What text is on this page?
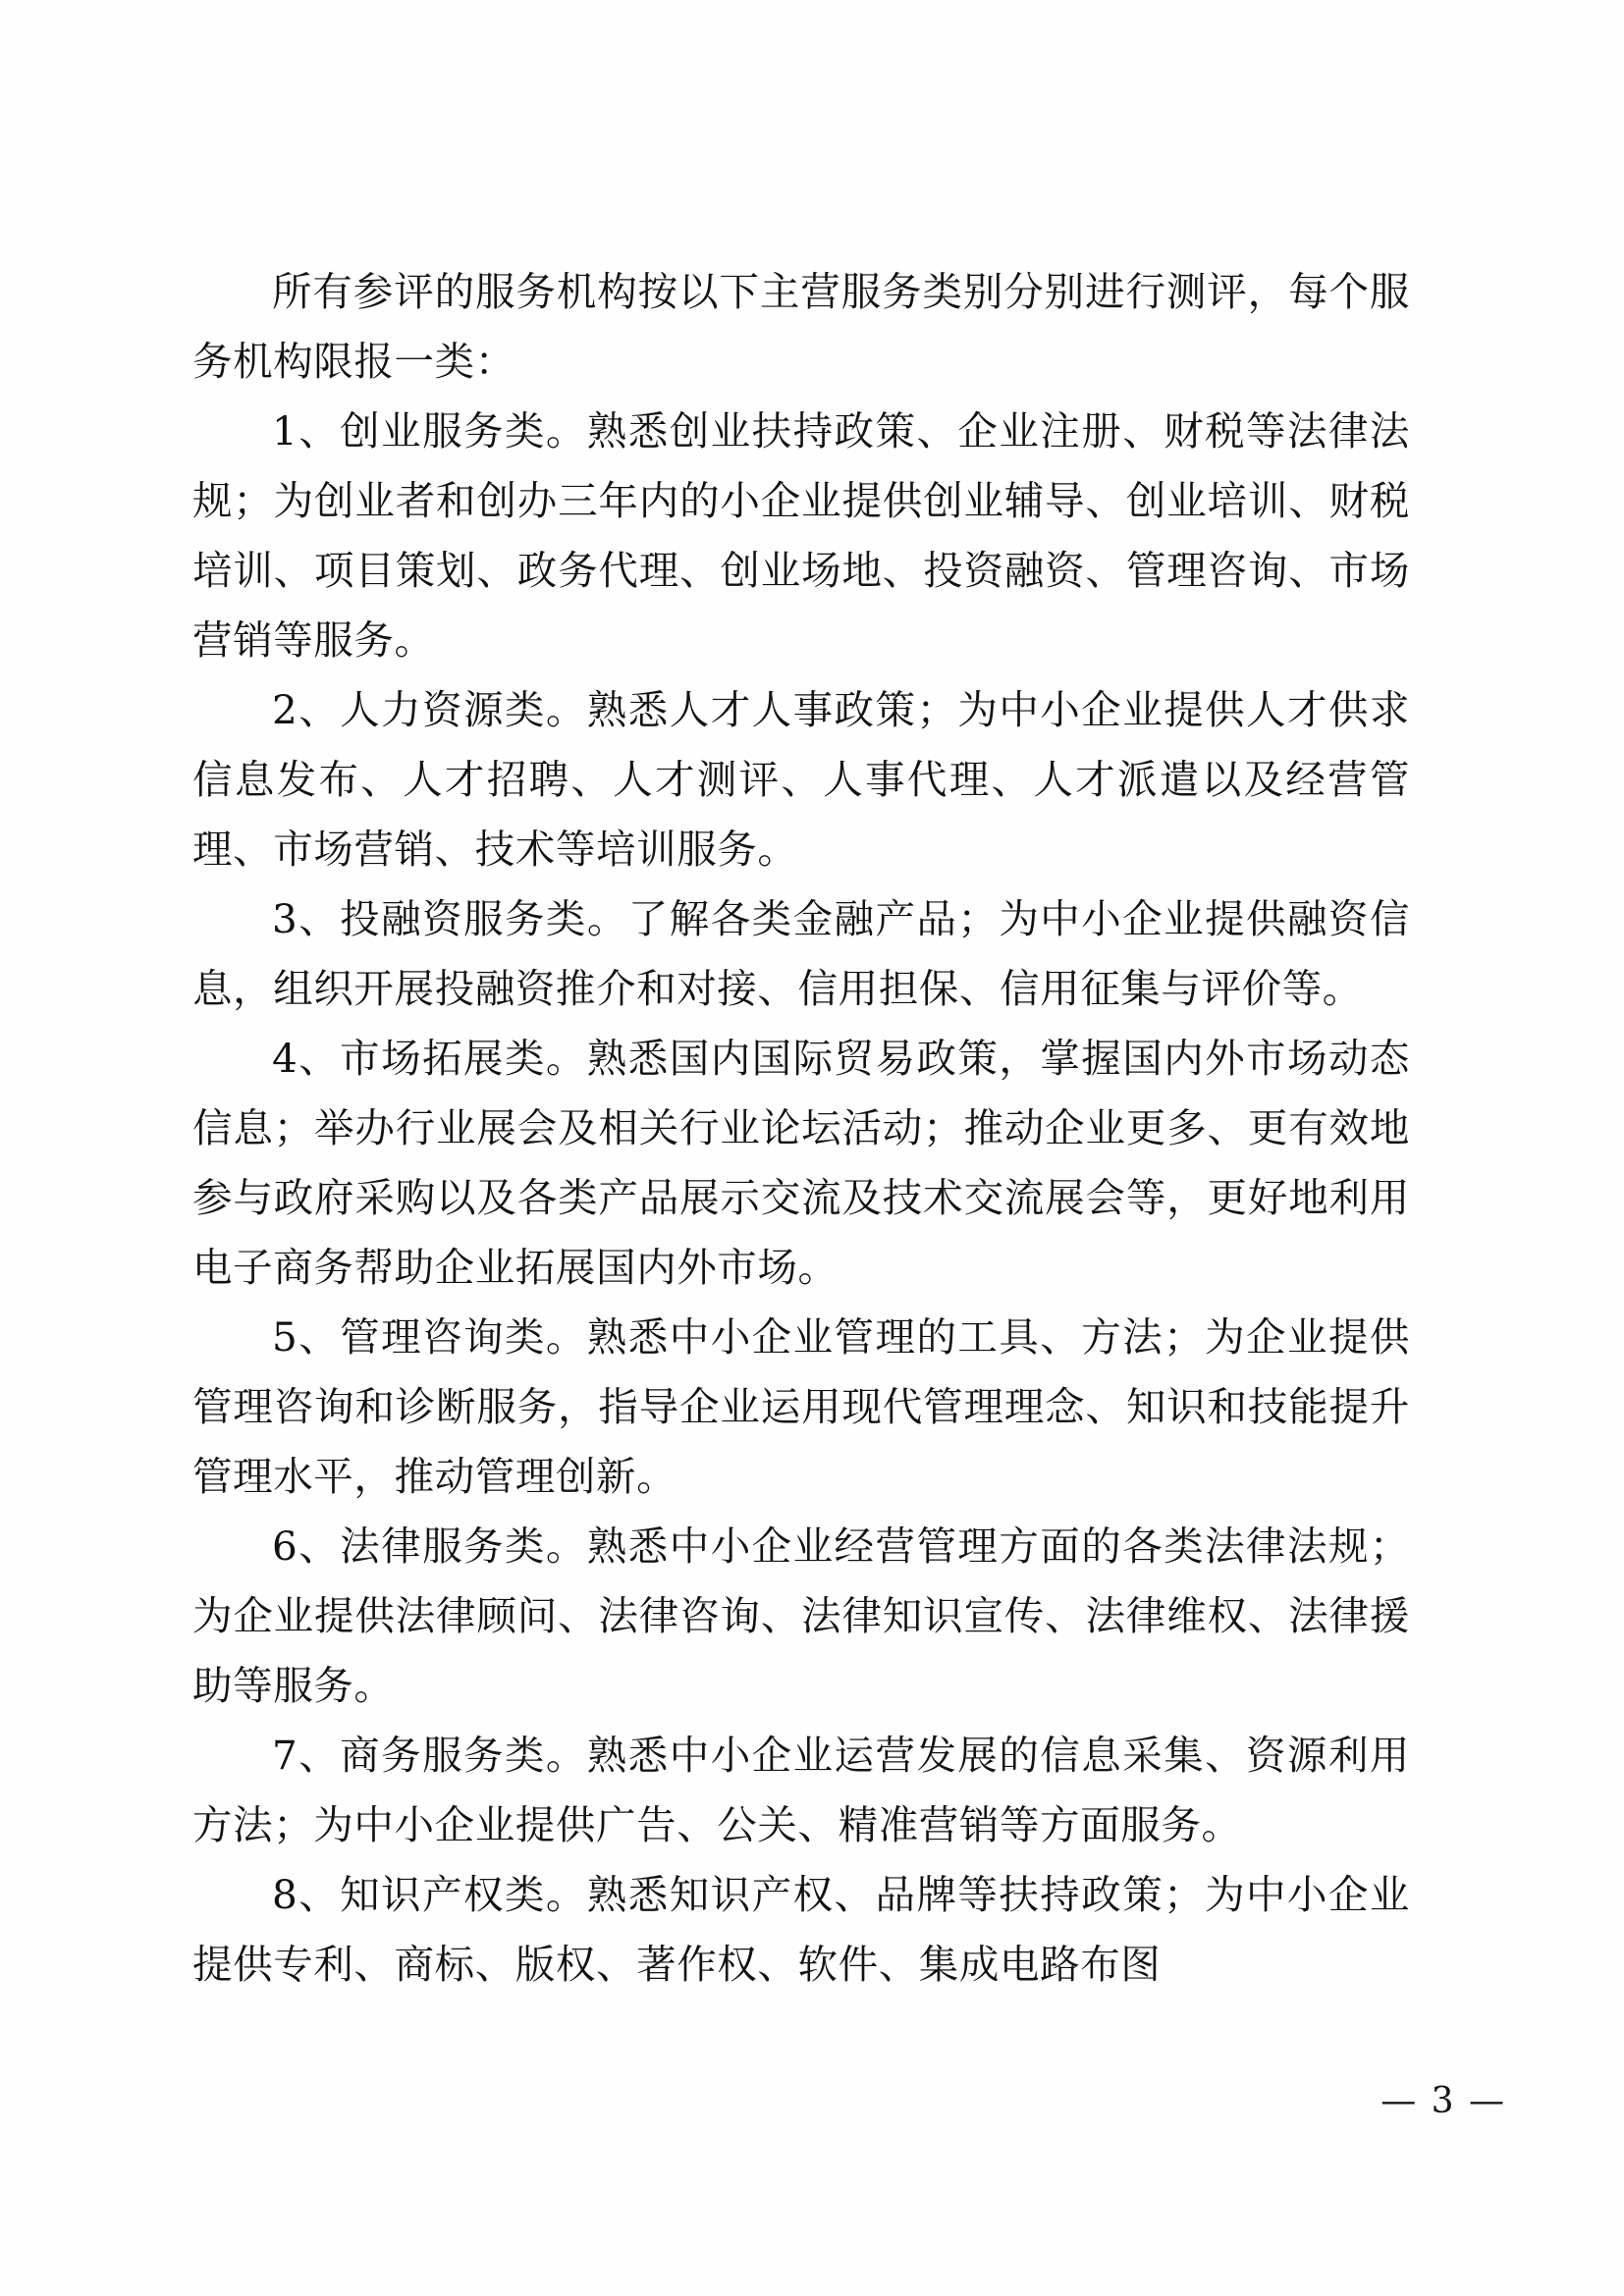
所有参评的服务机构按以下主营服务类别分别进行测评，每个服务机构限报一类：

1、创业服务类。熟悉创业扶持政策、企业注册、财税等法律法规；为创业者和创办三年内的小企业提供创业辅导、创业培训、财税培训、项目策划、政务代理、创业场地、投资融资、管理咨询、市场营销等服务。

2、人力资源类。熟悉人才人事政策；为中小企业提供人才供求信息发布、人才招聘、人才测评、人事代理、人才派遣以及经营管理、市场营销、技术等培训服务。

3、投融资服务类。了解各类金融产品；为中小企业提供融资信息，组织开展投融资推介和对接、信用担保、信用征集与评价等。

4、市场拓展类。熟悉国内国际贸易政策，掌握国内外市场动态信息；举办行业展会及相关行业论坛活动；推动企业更多、更有效地参与政府采购以及各类产品展示交流及技术交流展会等，更好地利用电子商务帮助企业拓展国内外市场。

5、管理咨询类。熟悉中小企业管理的工具、方法；为企业提供管理咨询和诊断服务，指导企业运用现代管理理念、知识和技能提升管理水平，推动管理创新。

6、法律服务类。熟悉中小企业经营管理方面的各类法律法规；为企业提供法律顾问、法律咨询、法律知识宣传、法律维权、法律援助等服务。

7、商务服务类。熟悉中小企业运营发展的信息采集、资源利用方法；为中小企业提供广告、公关、精准营销等方面服务。

8、知识产权类。熟悉知识产权、品牌等扶持政策；为中小企业提供专利、商标、版权、著作权、软件、集成电路布图

— 3 —
